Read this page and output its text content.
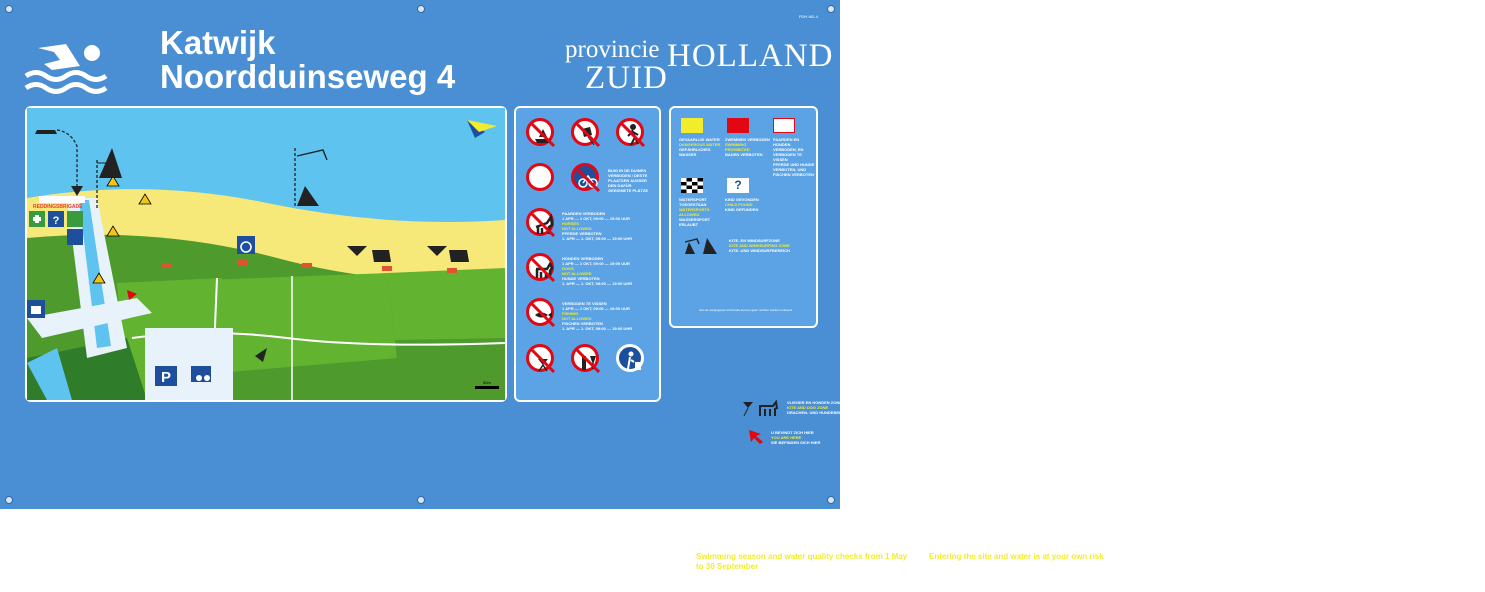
Katwijk
Noordduinseweg 4
provincie
ZUID
HOLLAND
PDH-ND-4
P
?
REDDINGSBRIGADE
50m
BUIG IN DE DUINEN VERBODEN / DESTE PLAATSEN AUSSER DEN DAFÜR GEEIGNETE PLÄTZE
PAARDEN VERBODEN
1 APR — 1 OKT, 09:00 — 19:00 UUR
HORSES
NOT ALLOWED
PFERDE VERBOTEN
1. APR — 1. OKT, 09:00 — 19:00 UHR
HONDEN VERBODEN
1 APR — 1 OKT, 09:00 — 19:00 UUR
DOGS
NOT ALLOWED
HUNDE VERBOTEN
1. APR — 1. OKT, 09:00 — 19:00 UHR
VERBODEN TE VISSEN
1 APR — 1 OKT, 09:00 — 19:00 UUR
FISHING
NOT ALLOWED
FISCHEN VERBOTEN
1. APR — 1. OKT, 09:00 — 19:00 UHR
GEVAARLIJK WATER
DANGEROUS WATER
GEFÄHRLICHES WASSER
ZWEMMEN VERBODEN
SWIMMING PROHIBITED
BADEN VERBOTEN
PAARDEN EN HONDEN VERBODEN, EN VERBODEN TE VISSEN
PFERDE UND HUNDE VERBOTEN, UND FISCHEN VERBOTEN
WATERSPORT TOEGESTAAN
WATERSPORTS ALLOWED
WASSERSPORT ERLAUBT
?
KIND GEVONDEN
CHILD FOUND
KIND GEFUNDEN
KITE- EN WINDSURFZONE
KITE AND WINDSURFING ZONE
KITE- UND WINDSURFBEREICH
VLIEGER EN HONDEN ZONE
KITE AND DOG ZONE
DRACHEN- UND HUNDEBEREICH
U BEVINDT ZICH HIER
YOU ARE HERE
SIE BEFINDEN SICH HIER
Zwemseizoen en controle van de waterkwaliteit van 1 mei tot en met 30 september
Swimming season and water quality checks from 1 May to 30 September
Badesaison und Überwachung der Wasserqualität vom 1. Mai bis 30. September
Betreden van het terrein en water op eigen risico
Entering the site and water is at your own risk
Betreten des Geländes und des Wassers auf eigene Gefahr
Beheerderstelefoon: 071 - 40 65 000
Zwemwatertelefoon: 0800 - 90 36
www.zwemwater.nl
Aan de aangegeven informatie kunnen geen rechten worden ontleend
